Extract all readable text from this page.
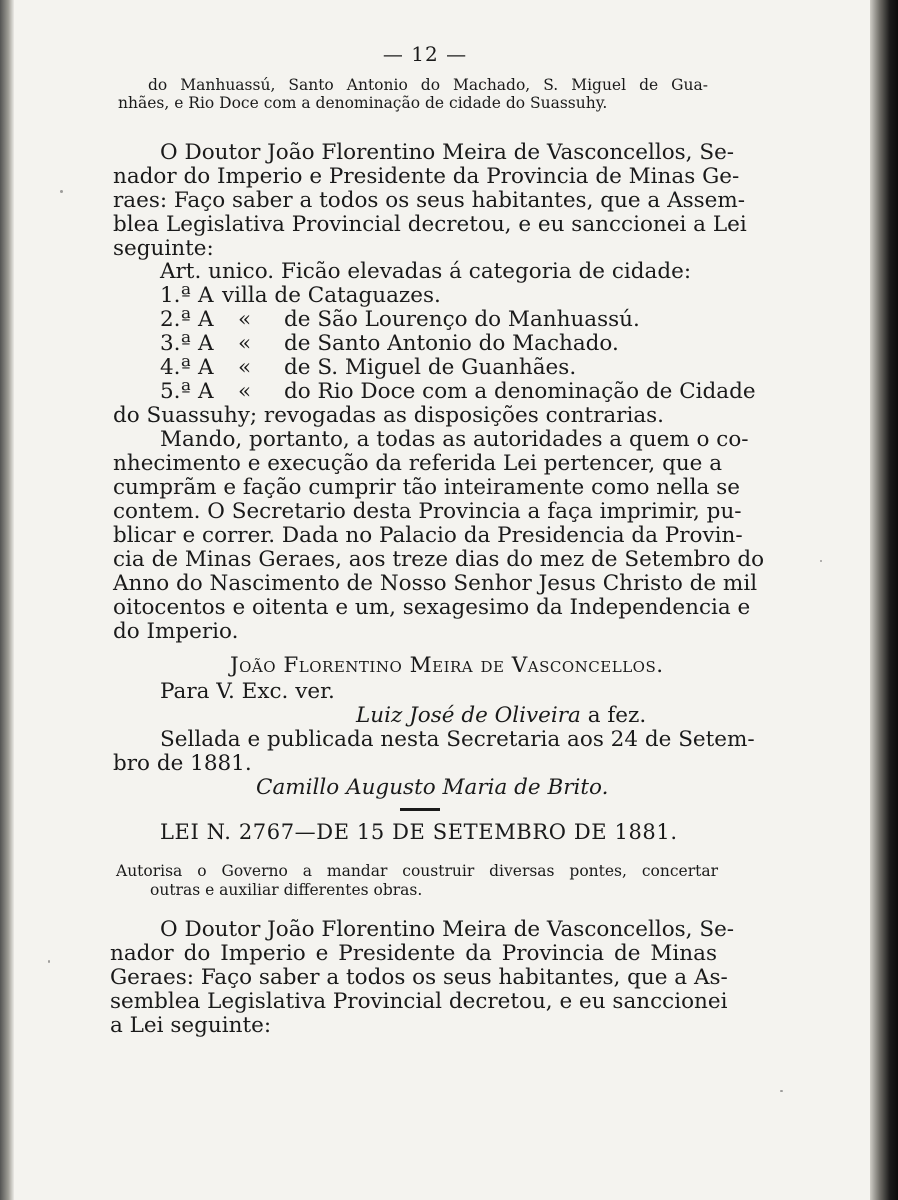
— 12 —

do Manhuassú, Santo Antonio do Machado, S. Miguel de Gua-

nhães, e Rio Doce com a denominação de cidade do Suassuhy.

O Doutor João Florentino Meira de Vasconcellos, Se-

nador do Imperio e Presidente da Provincia de Minas Ge-

raes: Faço saber a todos os seus habitantes, que a Assem-

blea Legislativa Provincial decretou, e eu sanccionei a Lei

seguinte:

Art. unico. Ficão elevadas á categoria de cidade:

1.ª A villa de Cataguazes.
2.ª A « de São Lourenço do Manhuassú.
3.ª A « de Santo Antonio do Machado.
4.ª A « de S. Miguel de Guanhães.
5.ª A « do Rio Doce com a denominação de Cidade

do Suassuhy; revogadas as disposições contrarias.

Mando, portanto, a todas as autoridades a quem o co-

nhecimento e execução da referida Lei pertencer, que a

cumprãm e fação cumprir tão inteiramente como nella se

contem. O Secretario desta Provincia a faça imprimir, pu-

blicar e correr. Dada no Palacio da Presidencia da Provin-

cia de Minas Geraes, aos treze dias do mez de Setembro do

Anno do Nascimento de Nosso Senhor Jesus Christo de mil

oitocentos e oitenta e um, sexagesimo da Independencia e

do Imperio.

João Florentino Meira de Vasconcellos.

Para V. Exc. ver.

Luiz José de Oliveira a fez.

Sellada e publicada nesta Secretaria aos 24 de Setem-

bro de 1881.

Camillo Augusto Maria de Brito.

LEI N. 2767—DE 15 DE SETEMBRO DE 1881.

Autorisa o Governo a mandar coustruir diversas pontes, concertar

outras e auxiliar differentes obras.

O Doutor João Florentino Meira de Vasconcellos, Se-

nador do Imperio e Presidente da Provincia de Minas

Geraes: Faço saber a todos os seus habitantes, que a As-

semblea Legislativa Provincial decretou, e eu sanccionei

a Lei seguinte:
